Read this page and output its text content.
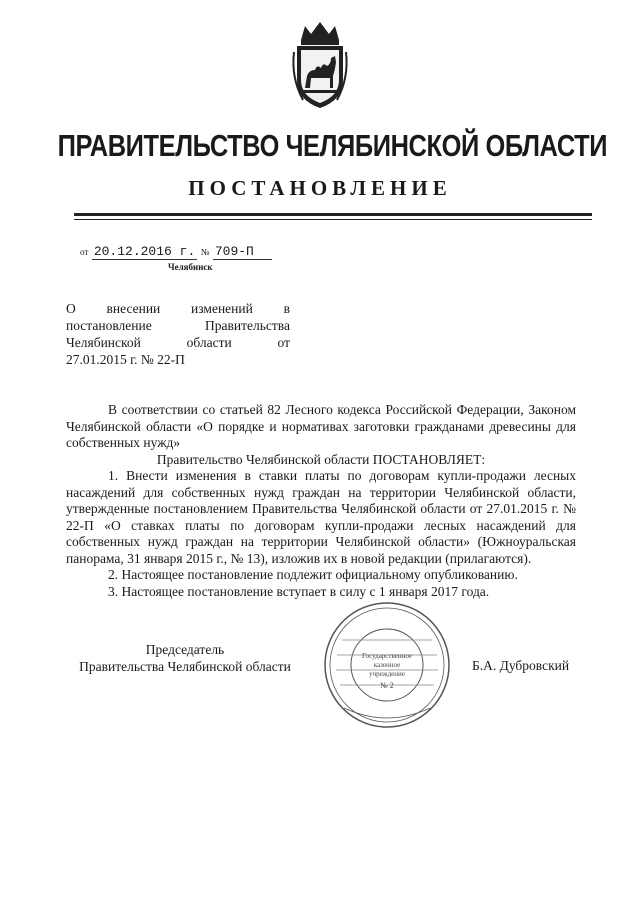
ПРАВИТЕЛЬСТВО ЧЕЛЯБИНСКОЙ ОБЛАСТИ
ПОСТАНОВЛЕНИЕ
от 20.12.2016 г. № 709-П
Челябинск

О внесении изменений в

постановление Правительства

Челябинской области от

27.01.2015 г. № 22-П

В соответствии со статьей 82 Лесного кодекса Российской Федерации, Законом Челябинской области «О порядке и нормативах заготовки гражданами древесины для собственных нужд»

Правительство Челябинской области ПОСТАНОВЛЯЕТ:

1. Внести изменения в ставки платы по договорам купли-продажи лесных насаждений для собственных нужд граждан на территории Челябинской области, утвержденные постановлением Правительства Челябинской области от 27.01.2015 г. № 22-П «О ставках платы по договорам купли-продажи лесных насаждений для собственных нужд граждан на территории Челябинской области» (Южноуральская панорама, 31 января 2015 г., № 13), изложив их в новой редакции (прилагаются).

2. Настоящее постановление подлежит официальному опубликованию.

3. Настоящее постановление вступает в силу с 1 января 2017 года.

Председатель
Правительства Челябинской области
Государственное
казенное
учреждение
№ 2
Б.А. Дубровский
